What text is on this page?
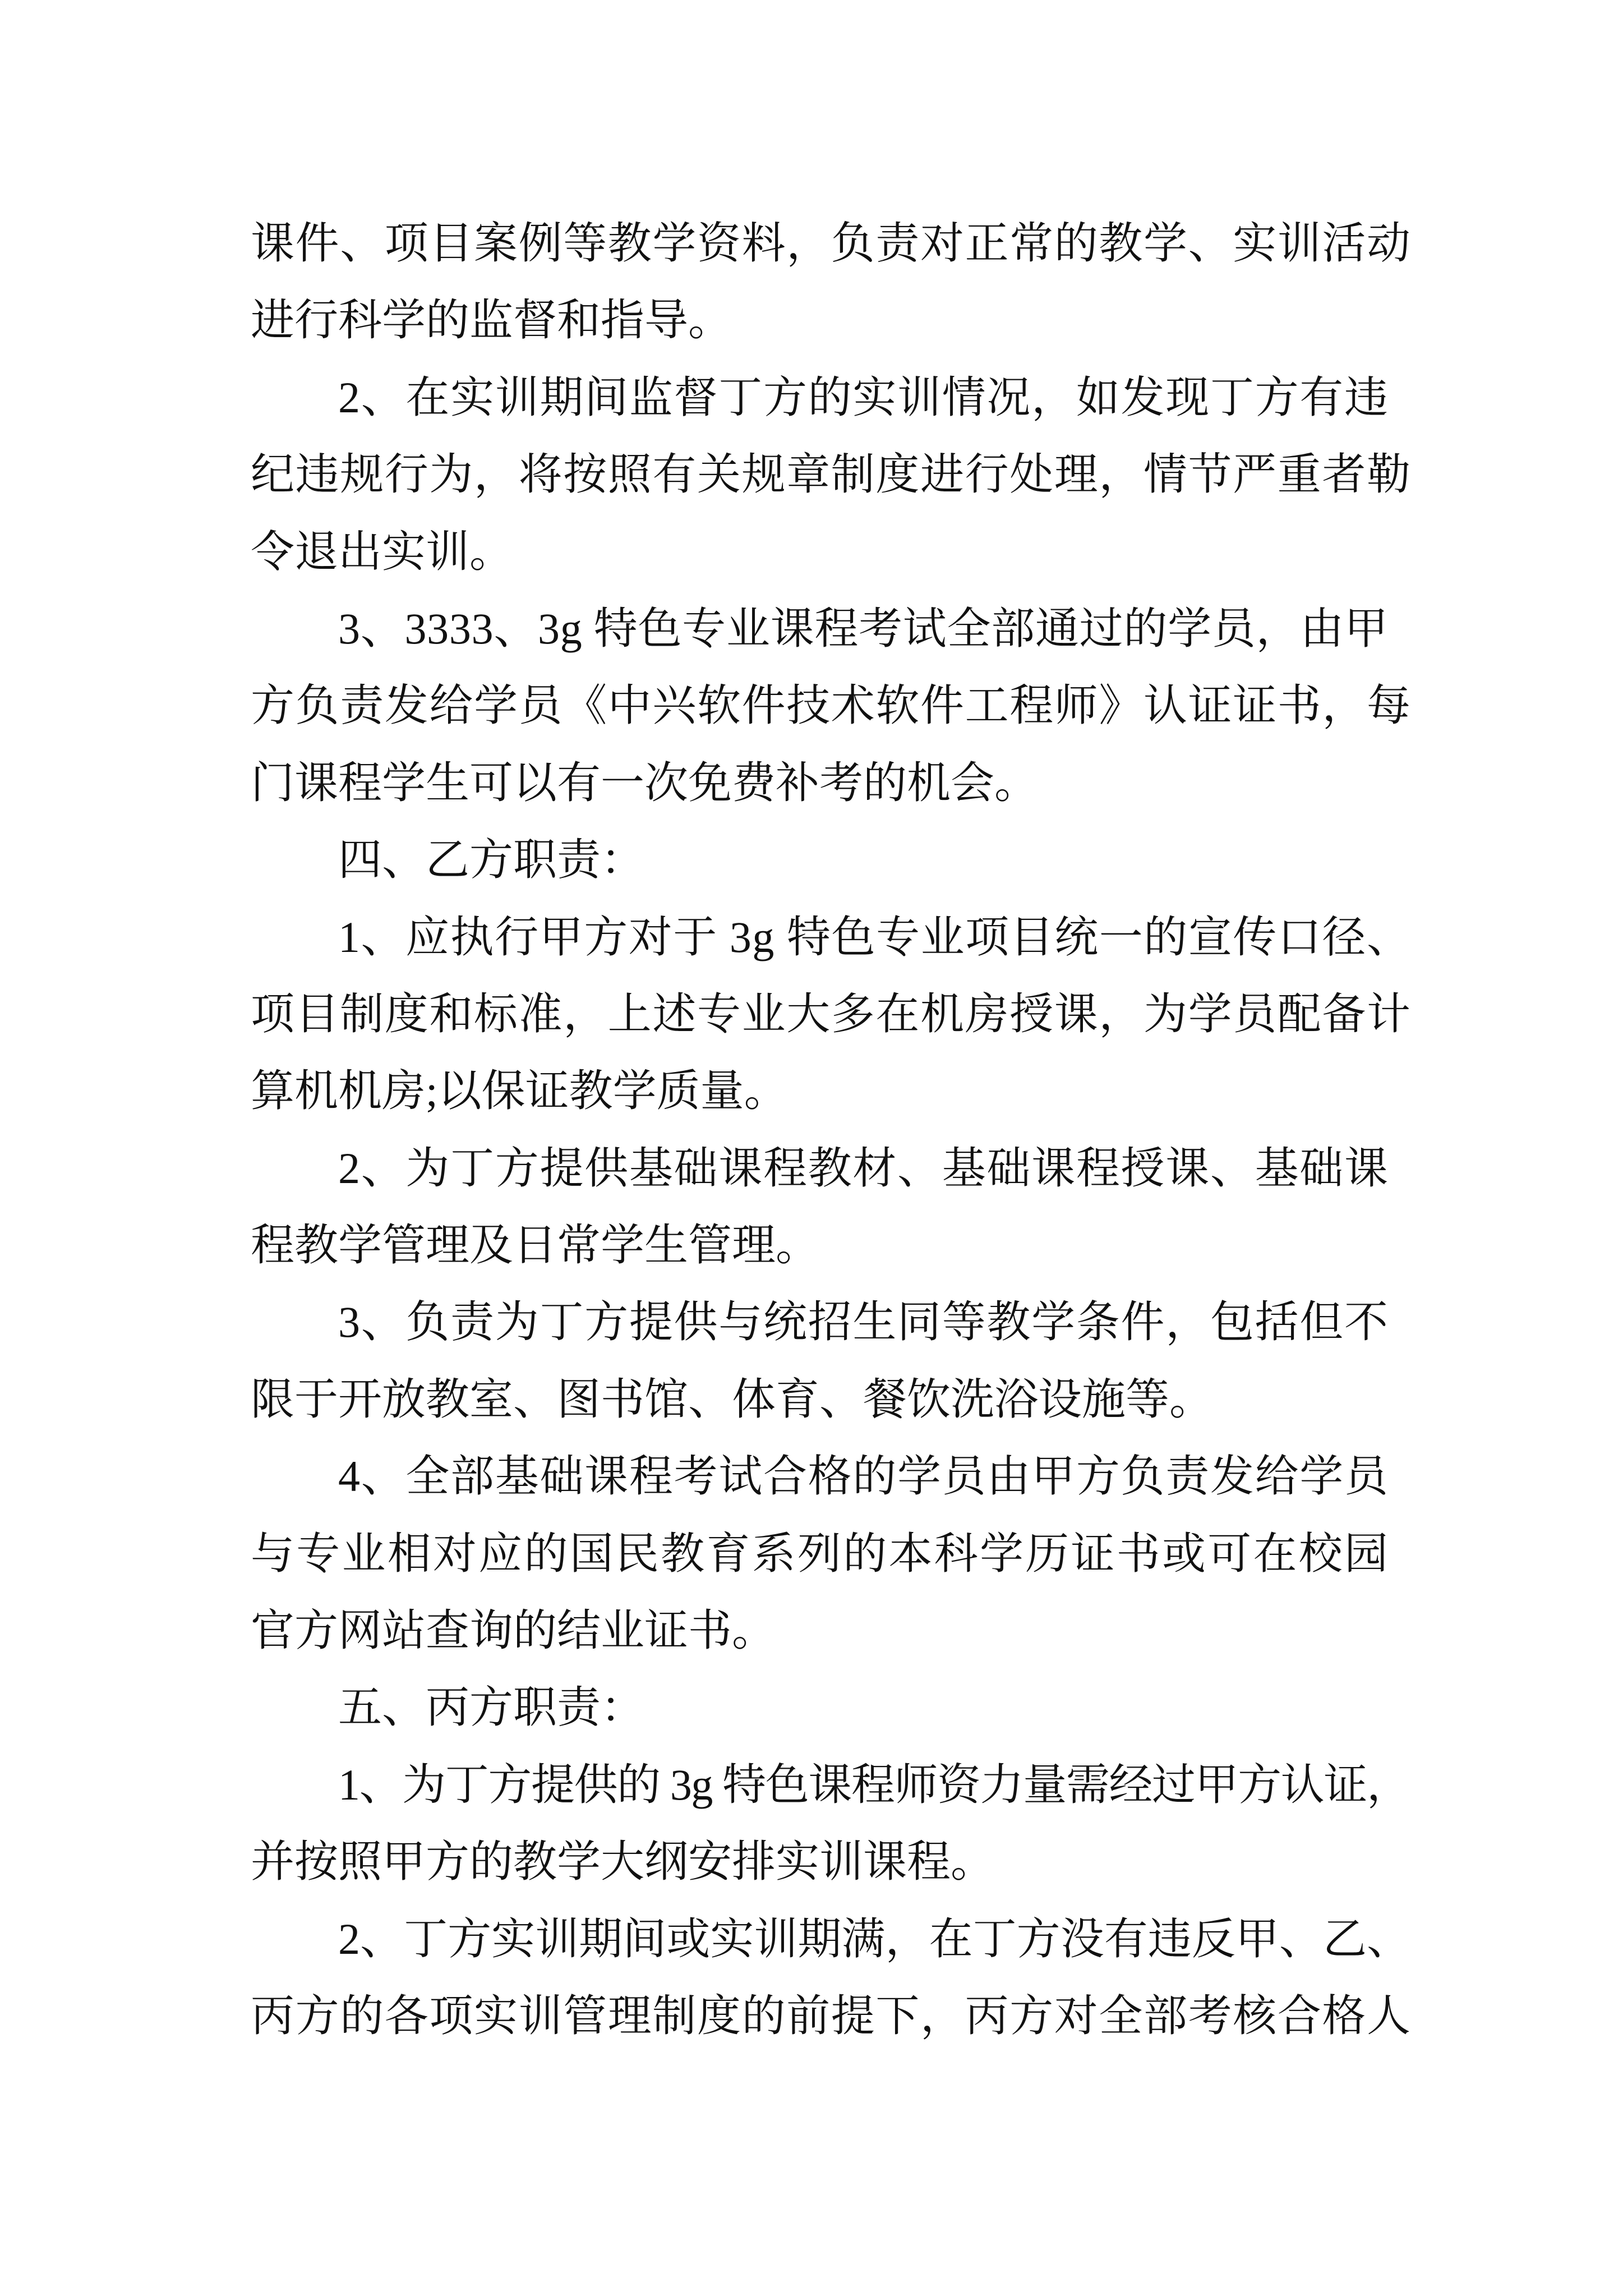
课件、项目案例等教学资料，负责对正常的教学、实训活动
进行科学的监督和指导。
2、在实训期间监督丁方的实训情况，如发现丁方有违
纪违规行为，将按照有关规章制度进行处理，情节严重者勒
令退出实训。
3、3333、3g 特色专业课程考试全部通过的学员，由甲
方负责发给学员《中兴软件技术软件工程师》认证证书，每
门课程学生可以有一次免费补考的机会。
四、乙方职责：
1、应执行甲方对于 3g 特色专业项目统一的宣传口径、
项目制度和标准，上述专业大多在机房授课，为学员配备计
算机机房;以保证教学质量。
2、为丁方提供基础课程教材、基础课程授课、基础课
程教学管理及日常学生管理。
3、负责为丁方提供与统招生同等教学条件，包括但不
限于开放教室、图书馆、体育、餐饮洗浴设施等。
4、全部基础课程考试合格的学员由甲方负责发给学员
与专业相对应的国民教育系列的本科学历证书或可在校园
官方网站查询的结业证书。
五、丙方职责：
1、为丁方提供的 3g 特色课程师资力量需经过甲方认证，
并按照甲方的教学大纲安排实训课程。
2、丁方实训期间或实训期满，在丁方没有违反甲、乙、
丙方的各项实训管理制度的前提下，丙方对全部考核合格人
